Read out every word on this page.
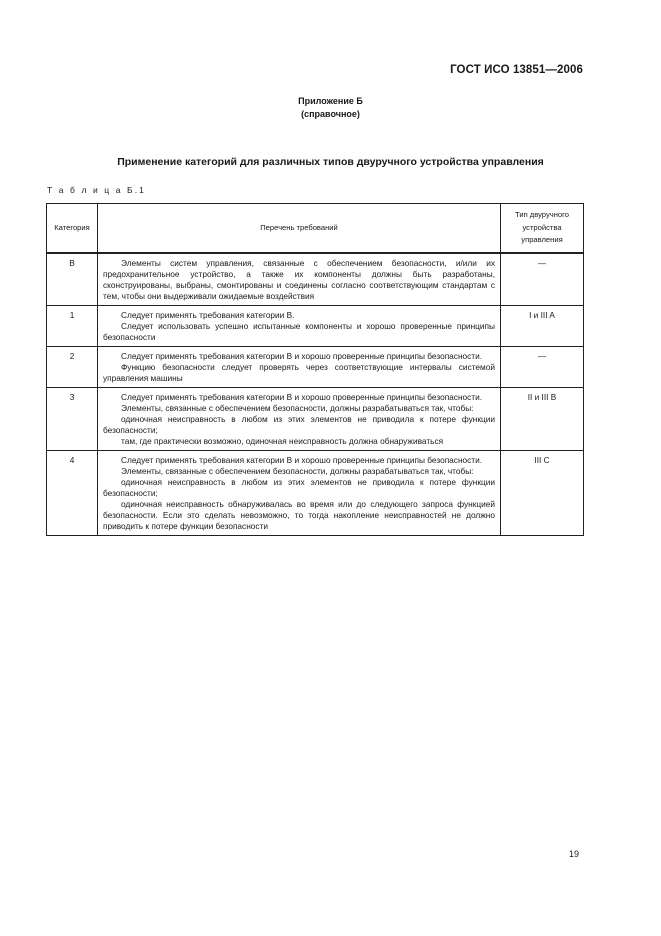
ГОСТ ИСО 13851—2006
Приложение Б
(справочное)
Применение категорий для различных типов двуручного устройства управления
Т а б л и ц а Б.1
Категория	Перечень требований	Тип двуручного устройства управления
В	Элементы систем управления, связанные с обеспечением безопасности, и/или их предохранительное устройство, а также их компоненты должны быть разработаны, сконструированы, выбраны, смонтированы и соединены согласно соответствующим стандартам с тем, чтобы они выдерживали ожидаемые воздействия	—
1	Следует применять требования категории В.

Следует использовать успешно испытанные компоненты и хорошо проверенные принципы безопасности	I и III A
2	Следует применять требования категории В и хорошо проверенные принципы безопасности.

Функцию безопасности следует проверять через соответствующие интервалы системой управления машины	—
3	Следует применять требования категории В и хорошо проверенные принципы безопасности.

Элементы, связанные с обеспечением безопасности, должны разрабатываться так, чтобы:

одиночная неисправность в любом из этих элементов не приводила к потере функции безопасности;

там, где практически возможно, одиночная неисправность должна обнаруживаться	II и III B
4	Следует применять требования категории В и хорошо проверенные принципы безопасности.

Элементы, связанные с обеспечением безопасности, должны разрабатываться так, чтобы:

одиночная неисправность в любом из этих элементов не приводила к потере функции безопасности;

одиночная неисправность обнаруживалась во время или до следующего запроса функцией безопасности. Если это сделать невозможно, то тогда накопление неисправностей не должно приводить к потере функции безопасности	III C
19
